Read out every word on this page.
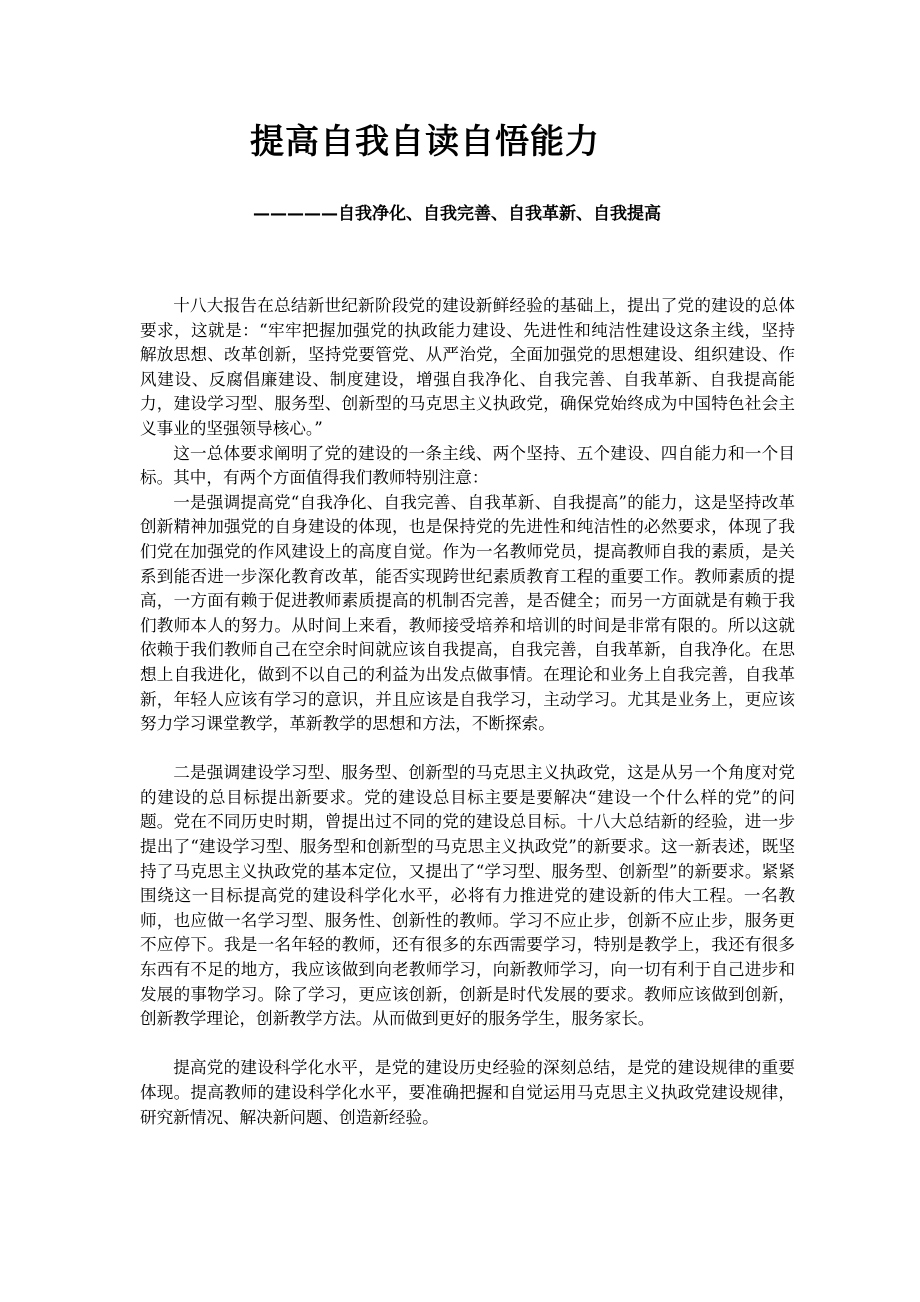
提高自我自读自悟能力
—————自我净化、自我完善、自我革新、自我提高

十八大报告在总结新世纪新阶段党的建设新鲜经验的基础上，提出了党的建设的总体要求，这就是：“牢牢把握加强党的执政能力建设、先进性和纯洁性建设这条主线，坚持解放思想、改革创新，坚持党要管党、从严治党，全面加强党的思想建设、组织建设、作风建设、反腐倡廉建设、制度建设，增强自我净化、自我完善、自我革新、自我提高能力，建设学习型、服务型、创新型的马克思主义执政党，确保党始终成为中国特色社会主义事业的坚强领导核心。”

这一总体要求阐明了党的建设的一条主线、两个坚持、五个建设、四自能力和一个目标。其中，有两个方面值得我们教师特别注意：

一是强调提高党“自我净化、自我完善、自我革新、自我提高”的能力，这是坚持改革创新精神加强党的自身建设的体现，也是保持党的先进性和纯洁性的必然要求，体现了我们党在加强党的作风建设上的高度自觉。作为一名教师党员，提高教师自我的素质，是关系到能否进一步深化教育改革，能否实现跨世纪素质教育工程的重要工作。教师素质的提高，一方面有赖于促进教师素质提高的机制否完善，是否健全；而另一方面就是有赖于我们教师本人的努力。从时间上来看，教师接受培养和培训的时间是非常有限的。所以这就依赖于我们教师自己在空余时间就应该自我提高，自我完善，自我革新，自我净化。在思想上自我进化，做到不以自己的利益为出发点做事情。在理论和业务上自我完善，自我革新，年轻人应该有学习的意识，并且应该是自我学习，主动学习。尤其是业务上，更应该努力学习课堂教学，革新教学的思想和方法，不断探索。

二是强调建设学习型、服务型、创新型的马克思主义执政党，这是从另一个角度对党的建设的总目标提出新要求。党的建设总目标主要是要解决“建设一个什么样的党”的问题。党在不同历史时期，曾提出过不同的党的建设总目标。十八大总结新的经验，进一步提出了“建设学习型、服务型和创新型的马克思主义执政党”的新要求。这一新表述，既坚持了马克思主义执政党的基本定位，又提出了“学习型、服务型、创新型”的新要求。紧紧围绕这一目标提高党的建设科学化水平，必将有力推进党的建设新的伟大工程。一名教师，也应做一名学习型、服务性、创新性的教师。学习不应止步，创新不应止步，服务更不应停下。我是一名年轻的教师，还有很多的东西需要学习，特别是教学上，我还有很多东西有不足的地方，我应该做到向老教师学习，向新教师学习，向一切有利于自己进步和发展的事物学习。除了学习，更应该创新，创新是时代发展的要求。教师应该做到创新，创新教学理论，创新教学方法。从而做到更好的服务学生，服务家长。

提高党的建设科学化水平，是党的建设历史经验的深刻总结，是党的建设规律的重要体现。提高教师的建设科学化水平，要准确把握和自觉运用马克思主义执政党建设规律，研究新情况、解决新问题、创造新经验。
